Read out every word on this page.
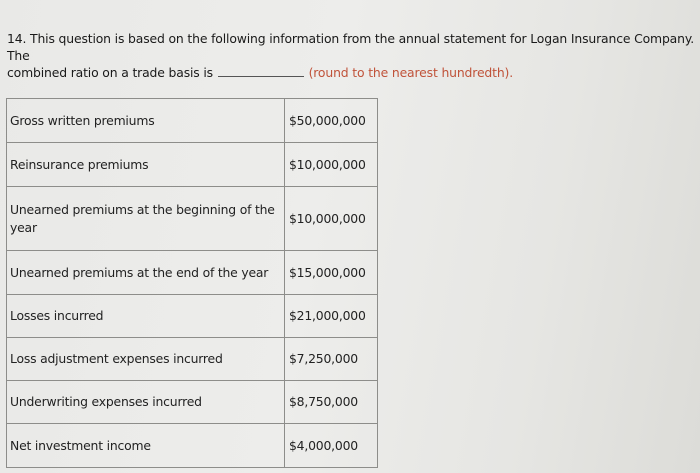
14. This question is based on the following information from the annual statement for Logan Insurance Company. The
combined ratio on a trade basis is	(round to the nearest hundredth).
Gross written premiums	$50,000,000
Reinsurance premiums	$10,000,000
Unearned premiums at the beginning of the year	$10,000,000
Unearned premiums at the end of the year	$15,000,000
Losses incurred	$21,000,000
Loss adjustment expenses incurred	$7,250,000
Underwriting expenses incurred	$8,750,000
Net investment income	$4,000,000
